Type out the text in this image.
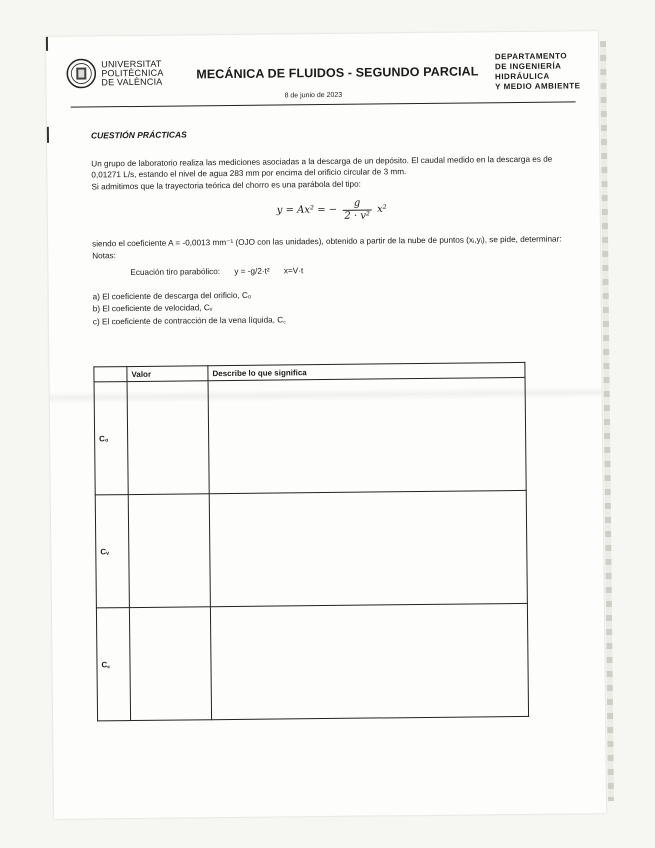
UNIVERSITAT
POLITÈCNICA
DE VALÈNCIA
MECÁNICA DE FLUIDOS - SEGUNDO PARCIAL
8 de junio de 2023
DEPARTAMENTO
DE INGENIERÍA
HIDRÁULICA
Y MEDIO AMBIENTE
CUESTIÓN PRÁCTICAS

Un grupo de laboratorio realiza las mediciones asociadas a la descarga de un depósito. El caudal medido en la descarga es de 0,01271 L/s, estando el nivel de agua 283 mm por encima del orificio circular de 3 mm.

Si admitimos que la trayectoria teórica del chorro es una parábola del tipo:

y = Ax² = − $\frac{g}{\text{2 · v²}} x^2$

siendo el coeficiente A = -0,0013 mm⁻¹ (OJO con las unidades), obtenido a partir de la nube de puntos (xᵢ,yᵢ), se pide, determinar:

Notas:
Ecuación tiro parabólico: y = -g/2·t² x=V·t
a) El coeficiente de descarga del orificio, C₀
b) El coeficiente de velocidad, Cᵥ
c) El coeficiente de contracción de la vena líquida, C꜀
	Valor	Describe lo que significa
C₀		
Cᵥ		
C꜀		
